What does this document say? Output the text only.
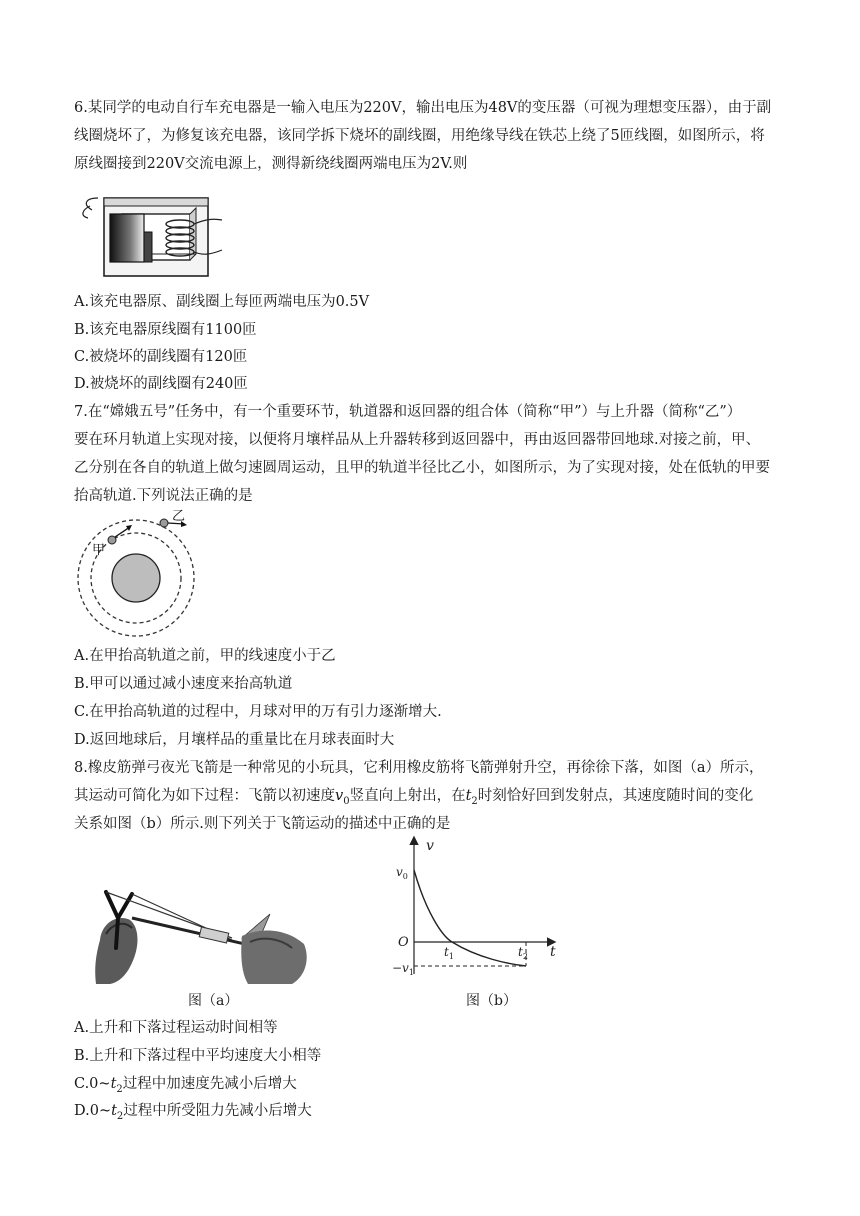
6.某同学的电动自行车充电器是一输入电压为220V，输出电压为48V的变压器（可视为理想变压器），由于副
线圈烧坏了，为修复该充电器，该同学拆下烧坏的副线圈，用绝缘导线在铁芯上绕了5匝线圈，如图所示，将
原线圈接到220V交流电源上，测得新绕线圈两端电压为2V.则
A.该充电器原、副线圈上每匝两端电压为0.5V
B.该充电器原线圈有1100匝
C.被烧坏的副线圈有120匝
D.被烧坏的副线圈有240匝
7.在“嫦娥五号”任务中，有一个重要环节，轨道器和返回器的组合体（简称“甲”）与上升器（简称“乙”）
要在环月轨道上实现对接，以便将月壤样品从上升器转移到返回器中，再由返回器带回地球.对接之前，甲、
乙分别在各自的轨道上做匀速圆周运动，且甲的轨道半径比乙小，如图所示，为了实现对接，处在低轨的甲要
抬高轨道.下列说法正确的是
甲
乙
A.在甲抬高轨道之前，甲的线速度小于乙
B.甲可以通过减小速度来抬高轨道
C.在甲抬高轨道的过程中，月球对甲的万有引力逐渐增大.
D.返回地球后，月壤样品的重量比在月球表面时大
8.橡皮筋弹弓夜光飞箭是一种常见的小玩具，它利用橡皮筋将飞箭弹射升空，再徐徐下落，如图（a）所示，
其运动可简化为如下过程：飞箭以初速度$v_0$竖直向上射出，在$t_2$时刻恰好回到发射点，其速度随时间的变化
关系如图（b）所示.则下列关于飞箭运动的描述中正确的是
图（a）
v
t
O
$v_0$
$-v_1$
$t_1$	$t_2$
图（b）
A.上升和下落过程运动时间相等
B.上升和下落过程中平均速度大小相等
$C.0\sim t_2$过程中加速度先减小后增大
$D.0\sim t_2$过程中所受阻力先减小后增大
